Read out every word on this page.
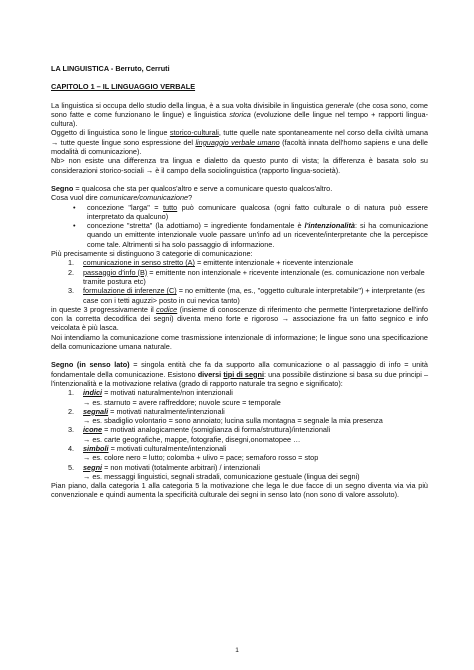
LA LINGUISTICA - Berruto, Cerruti

CAPITOLO 1 – IL LINGUAGGIO VERBALE

La linguistica si occupa dello studio della lingua, è a sua volta divisibile in linguistica generale (che cosa sono, come sono fatte e come funzionano le lingue) e linguistica storica (evoluzione delle lingue nel tempo + rapporti lingua-cultura).

Oggetto di linguistica sono le lingue storico-culturali, tutte quelle nate spontaneamente nel corso della civiltà umana → tutte queste lingue sono espressione del linguaggio verbale umano (facoltà innata dell'homo sapiens e una delle modalità di comunicazione).

Nb> non esiste una differenza tra lingua e dialetto da questo punto di vista; la differenza è basata solo su considerazioni storico-sociali → è il campo della sociolinguistica (rapporto lingua-società).

Segno = qualcosa che sta per qualcos'altro e serve a comunicare questo qualcos'altro.

Cosa vuol dire comunicare/comunicazione?

• concezione "larga" = tutto può comunicare qualcosa (ogni fatto culturale o di natura può essere interpretato da qualcuno)
• concezione "stretta" (la adottiamo) = ingrediente fondamentale è l'intenzionalità: si ha comunicazione quando un emittente intenzionale vuole passare un'info ad un ricevente/interpretante che la percepisce come tale. Altrimenti si ha solo passaggio di informazione.

Più precisamente si distinguono 3 categorie di comunicazione:

1. comunicazione in senso stretto (A) = emittente intenzionale + ricevente intenzionale
2. passaggio d'info (B) = emittente non intenzionale + ricevente intenzionale (es. comunicazione non verbale tramite postura etc)
3. formulazione di inferenze (C) = no emittente (ma, es., "oggetto culturale interpretabile") + interpretante (es case con i tetti aguzzi> posto in cui nevica tanto)

in queste 3 progressivamente il codice (insieme di conoscenze di riferimento che permette l'interpretazione dell'info con la corretta decodifica dei segni) diventa meno forte e rigoroso → associazione fra un fatto segnico e info veicolata è più lasca.

Noi intendiamo la comunicazione come trasmissione intenzionale di informazione; le lingue sono una specificazione della comunicazione umana naturale.

Segno (in senso lato) = singola entità che fa da supporto alla comunicazione o al passaggio di info = unità fondamentale della comunicazione. Esistono diversi tipi di segni: una possibile distinzione si basa su due principi – l'intenzionalità e la motivazione relativa (grado di rapporto naturale tra segno e significato):

1. indici = motivati naturalmente/non intenzionali
→ es. starnuto = avere raffreddore; nuvole scure = temporale
2. segnali = motivati naturalmente/intenzionali
→ es. sbadiglio volontario = sono annoiato; lucina sulla montagna = segnale la mia presenza
3. icone = motivati analogicamente (somiglianza di forma/struttura)/intenzionali
→ es. carte geografiche, mappe, fotografie, disegni,onomatopee …
4. simboli = motivati culturalmente/intenzionali
→ es. colore nero = lutto; colomba + ulivo = pace; semaforo rosso = stop
5. segni = non motivati (totalmente arbitrari) / intenzionali
→ es. messaggi linguistici, segnali stradali, comunicazione gestuale (lingua dei segni)

Pian piano, dalla categoria 1 alla categoria 5 la motivazione che lega le due facce di un segno diventa via via più convenzionale e quindi aumenta la specificità culturale dei segni in senso lato (non sono di valore assoluto).

1
